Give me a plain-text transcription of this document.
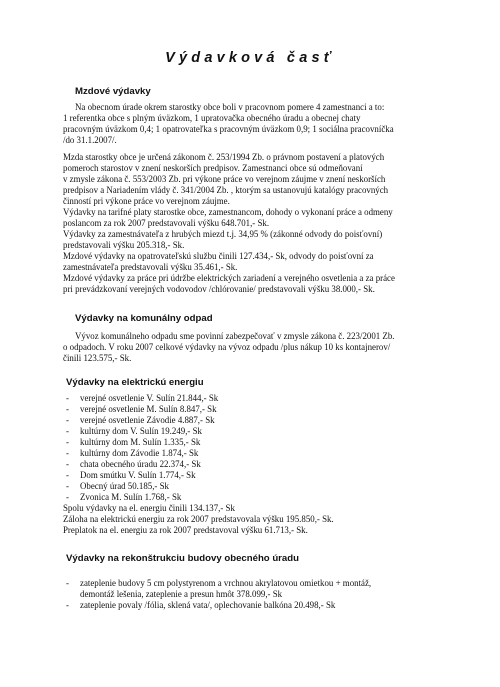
Výdavková časť
Mzdové výdavky
Na obecnom úrade okrem starostky obce boli v pracovnom pomere 4 zamestnanci a to:
1 referentka obce s plným úväzkom, 1 upratovačka obecného úradu a obecnej chaty
pracovným úväzkom 0,4; 1 opatrovateľka s pracovným úväzkom 0,9; 1 sociálna pracovníčka
/do 31.1.2007/.
Mzda starostky obce je určená zákonom č. 253/1994 Zb. o právnom postavení a platových
pomeroch starostov v znení neskorších predpisov. Zamestnanci obce sú odmeňovaní
v zmysle zákona č. 553/2003 Zb. pri výkone práce vo verejnom záujme v znení neskorších
predpisov a Nariadením vlády č. 341/2004 Zb. , ktorým sa ustanovujú katalógy pracovných
činností pri výkone práce vo verejnom záujme.
Výdavky na tarifné platy starostke obce, zamestnancom, dohody o vykonaní práce a odmeny
poslancom za rok 2007 predstavovali výšku 648.701,- Sk.
Výdavky za zamestnávateľa z hrubých miezd t.j. 34,95 % (zákonné odvody do poisťovní)
predstavovali výšku 205.318,- Sk.
Mzdové výdavky na opatrovateľskú službu činili 127.434,- Sk, odvody do poisťovní za
zamestnávateľa predstavovali výšku 35.461,- Sk.
Mzdové výdavky za práce pri údržbe elektrických zariadení a verejného osvetlenia a za práce
pri prevádzkovaní verejných vodovodov /chlórovanie/ predstavovali výšku 38.000,- Sk.
Výdavky na komunálny odpad
Vývoz komunálneho odpadu sme povinní zabezpečovať v zmysle zákona č. 223/2001 Zb.
o odpadoch. V roku 2007 celkové výdavky na vývoz odpadu /plus nákup 10 ks kontajnerov/
činili 123.575,- Sk.
Výdavky na elektrickú energiu
- verejné osvetlenie V. Sulín 21.844,- Sk
- verejné osvetlenie M. Sulín 8.847,- Sk
- verejné osvetlenie Závodie 4.887,- Sk
- kultúrny dom V. Sulín 19.249,- Sk
- kultúrny dom M. Sulín 1.335,- Sk
- kultúrny dom Závodie 1.874,- Sk
- chata obecného úradu 22.374,- Sk
- Dom smútku V. Sulín 1.774,- Sk
- Obecný úrad 50.185,- Sk
- Zvonica M. Sulín 1.768,- Sk
Spolu výdavky na el. energiu činili 134.137,- Sk
Záloha na elektrickú energiu za rok 2007 predstavovala výšku 195.850,- Sk.
Preplatok na el. energiu za rok 2007 predstavoval výšku 61.713,- Sk.
Výdavky na rekonštrukciu budovy obecného úradu
- zateplenie budovy 5 cm polystyrenom a vrchnou akrylatovou omietkou + montáž,
demontáž lešenia, zateplenie a presun hmôt 378.099,- Sk
- zateplenie povaly /fólia, sklená vata/, oplechovanie balkóna 20.498,- Sk
